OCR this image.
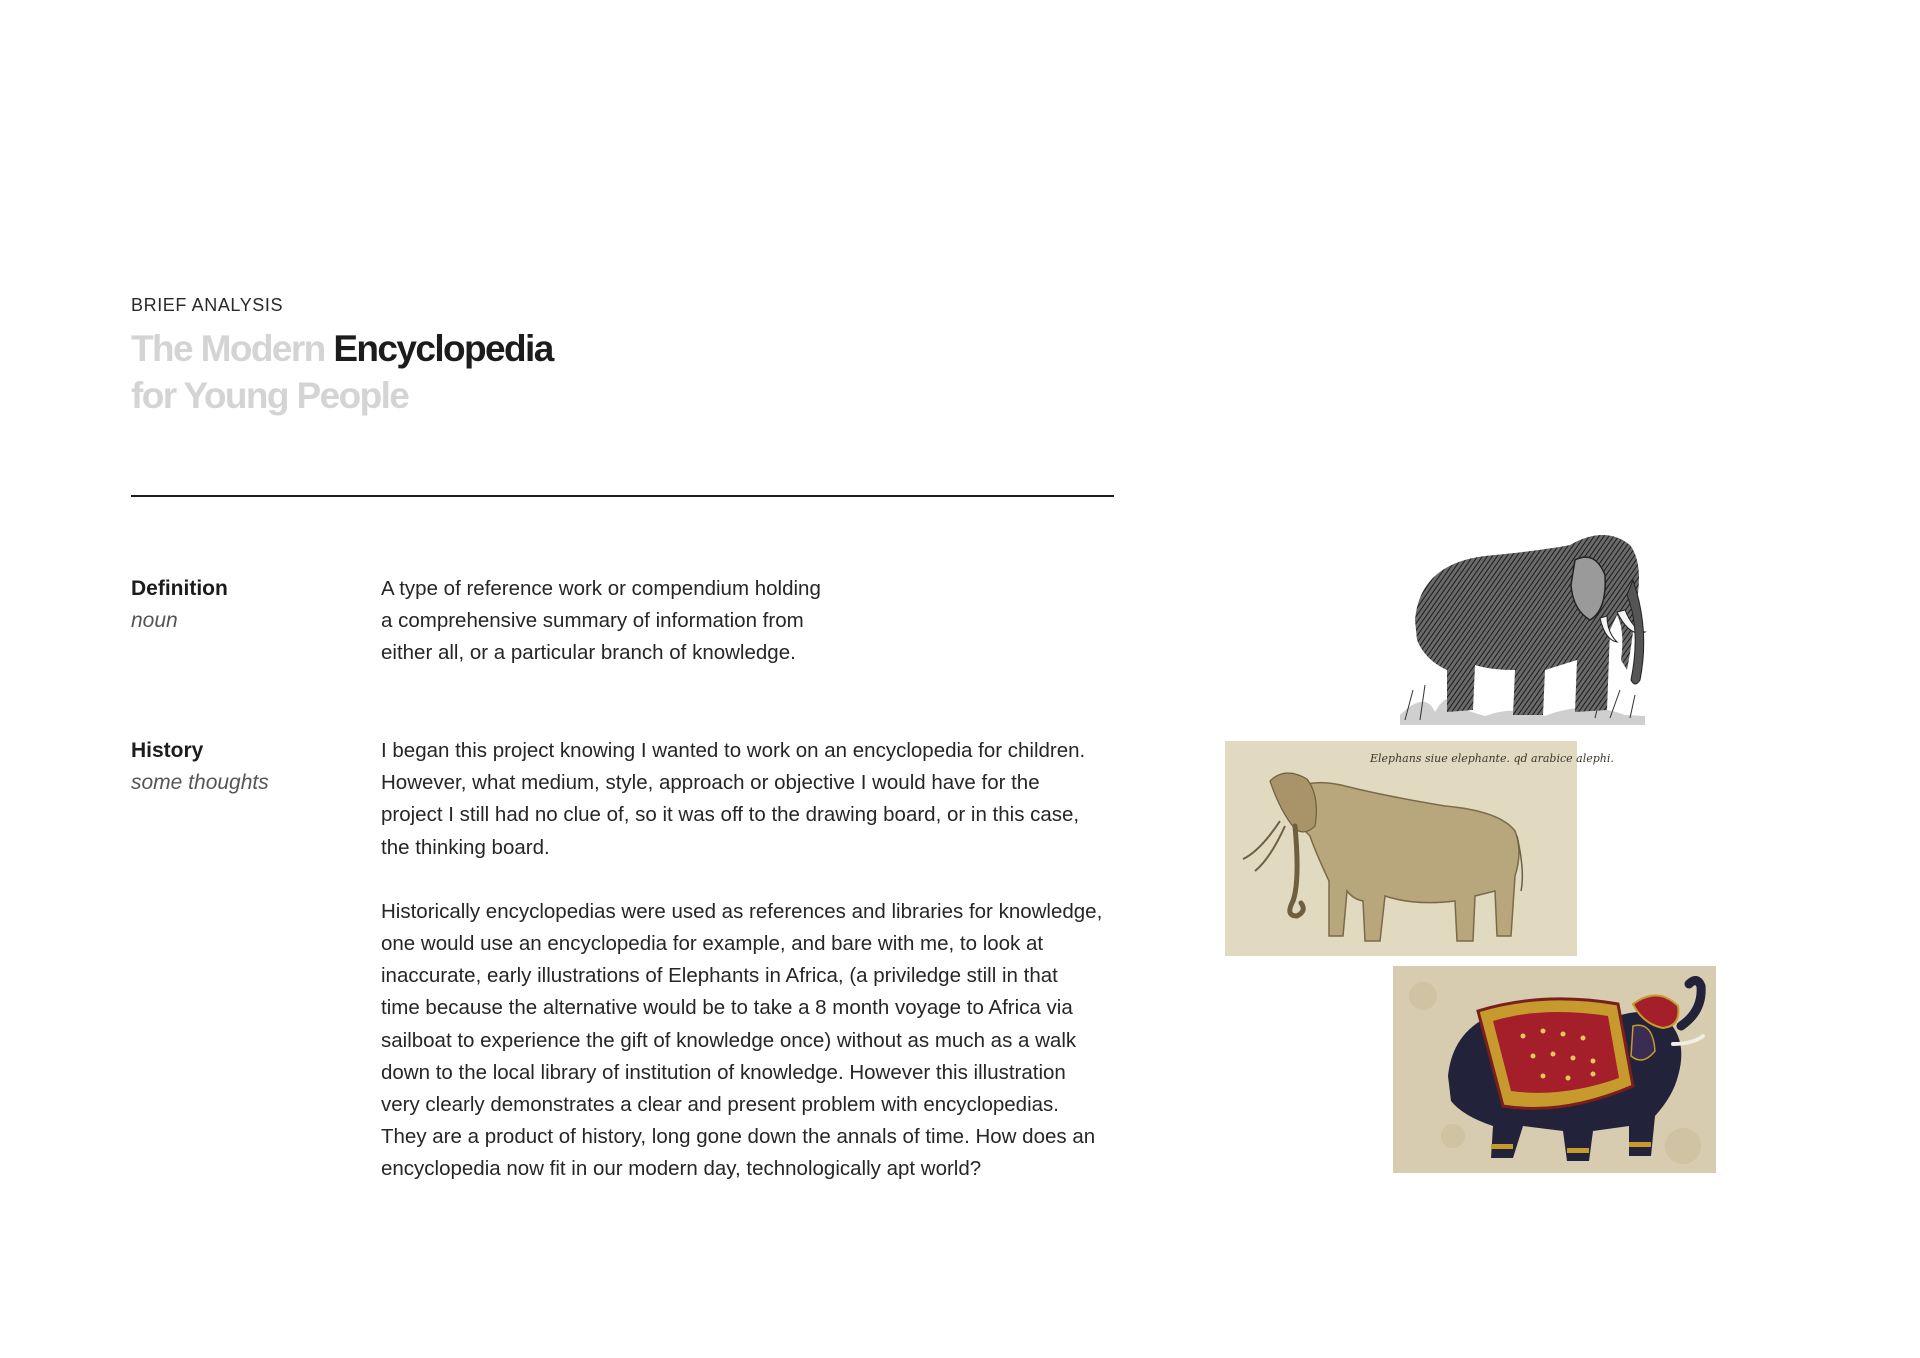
BRIEF ANALYSIS
The Modern Encyclopedia
for Young People
Definition
noun

A type of reference work or compendium holding
a comprehensive summary of information from
either all, or a particular branch of knowledge.

History
some thoughts

I began this project knowing I wanted to work on an encyclopedia for children.
However, what medium, style, approach or objective I would have for the
project I still had no clue of, so it was off to the drawing board, or in this case,
the thinking board.

Historically encyclopedias were used as references and libraries for knowledge,
one would use an encyclopedia for example, and bare with me, to look at
inaccurate, early illustrations of Elephants in Africa, (a priviledge still in that
time because the alternative would be to take a 8 month voyage to Africa via
sailboat to experience the gift of knowledge once) without as much as a walk
down to the local library of institution of knowledge. However this illustration
very clearly demonstrates a clear and present problem with encyclopedias.
They are a product of history, long gone down the annals of time. How does an
encyclopedia now fit in our modern day, technologically apt world?

Elephans siue elephante. qd arabice alephi.
